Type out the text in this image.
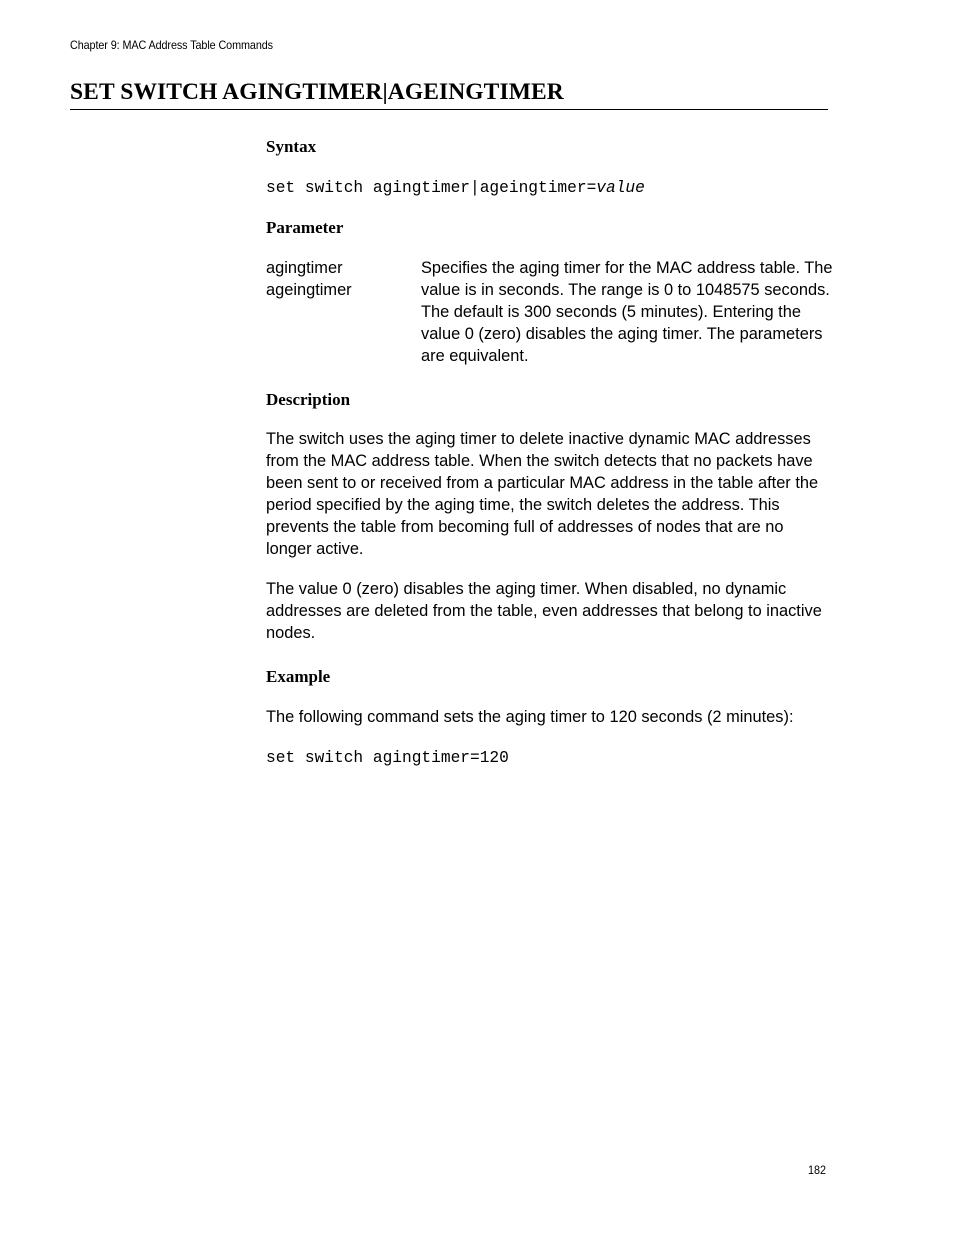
Chapter 9: MAC Address Table Commands
SET SWITCH AGINGTIMER|AGEINGTIMER
Syntax
set switch agingtimer|ageingtimer=value
Parameter
agingtimer
ageingtimer

Specifies the aging timer for the MAC address table. The value is in seconds. The range is 0 to 1048575 seconds. The default is 300 seconds (5 minutes). Entering the value 0 (zero) disables the aging timer. The parameters are equivalent.

Description

The switch uses the aging timer to delete inactive dynamic MAC addresses from the MAC address table. When the switch detects that no packets have been sent to or received from a particular MAC address in the table after the period specified by the aging time, the switch deletes the address. This prevents the table from becoming full of addresses of nodes that are no longer active.

The value 0 (zero) disables the aging timer. When disabled, no dynamic addresses are deleted from the table, even addresses that belong to inactive nodes.

Example

The following command sets the aging timer to 120 seconds (2 minutes):

set switch agingtimer=120
182
